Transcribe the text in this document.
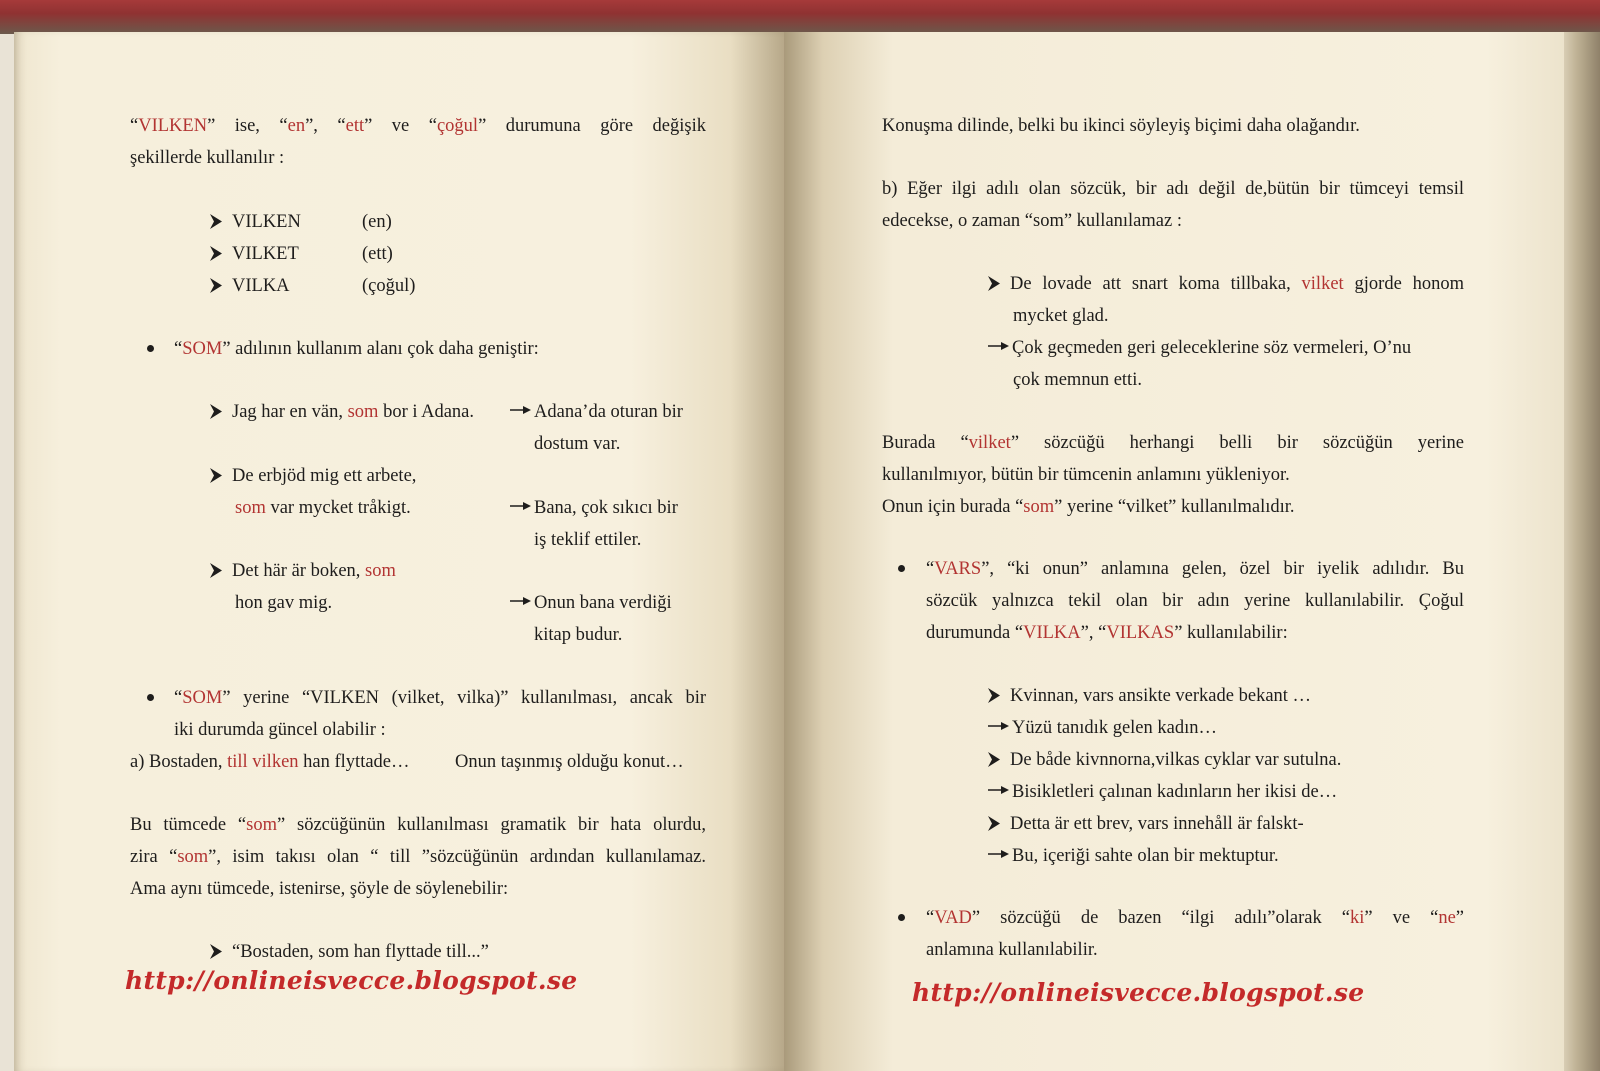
“VILKEN” ise, “en”, “ett” ve “çoğul” durumuna göre değişik

şekillerde kullanılır :

VILKEN	(en)
VILKET	(ett)
VILKA	(çoğul)

“SOM” adılının kullanım alanı çok daha geniştir:

Jag har en vän, som bor i Adana.	Adana’da oturan bir

dostum var.

De erbjöd mig ett arbete,

som var mycket tråkigt.	Bana, çok sıkıcı bir

iş teklif ettiler.

Det här är boken, som

hon gav mig.	Onun bana verdiği

kitap budur.

“SOM” yerine “VILKEN (vilket, vilka)” kullanılması, ancak bir

iki durumda güncel olabilir :

a) Bostaden, till vilken han flyttade… Onun taşınmış olduğu konut…

Bu tümcede “som” sözcüğünün kullanılması gramatik bir hata olurdu,

zira “som”, isim takısı olan “ till ”sözcüğünün ardından kullanılamaz.

Ama aynı tümcede, istenirse, şöyle de söylenebilir:

“Bostaden, som han flyttade till...”
http://onlineisvecce.blogspot.se

Konuşma dilinde, belki bu ikinci söyleyiş biçimi daha olağandır.

b) Eğer ilgi adılı olan sözcük, bir adı değil de,bütün bir tümceyi temsil

edecekse, o zaman “som” kullanılamaz :

De lovade att snart koma tillbaka, vilket gjorde honom

mycket glad.

Çok geçmeden geri geleceklerine söz vermeleri, O’nu

çok memnun etti.

Burada “vilket” sözcüğü herhangi belli bir sözcüğün yerine

kullanılmıyor, bütün bir tümcenin anlamını yükleniyor.

Onun için burada “som” yerine “vilket” kullanılmalıdır.

“VARS”, “ki onun” anlamına gelen, özel bir iyelik adılıdır. Bu

sözcük yalnızca tekil olan bir adın yerine kullanılabilir. Çoğul

durumunda “VILKA”, “VILKAS” kullanılabilir:

Kvinnan, vars ansikte verkade bekant …
Yüzü tanıdık gelen kadın…
De både kivnnorna,vilkas cyklar var sutulna.
Bisikletleri çalınan kadınların her ikisi de…
Detta är ett brev, vars innehåll är falskt-
Bu, içeriği sahte olan bir mektuptur.

“VAD” sözcüğü de bazen “ilgi adılı”olarak “ki” ve “ne”

anlamına kullanılabilir.

http://onlineisvecce.blogspot.se
